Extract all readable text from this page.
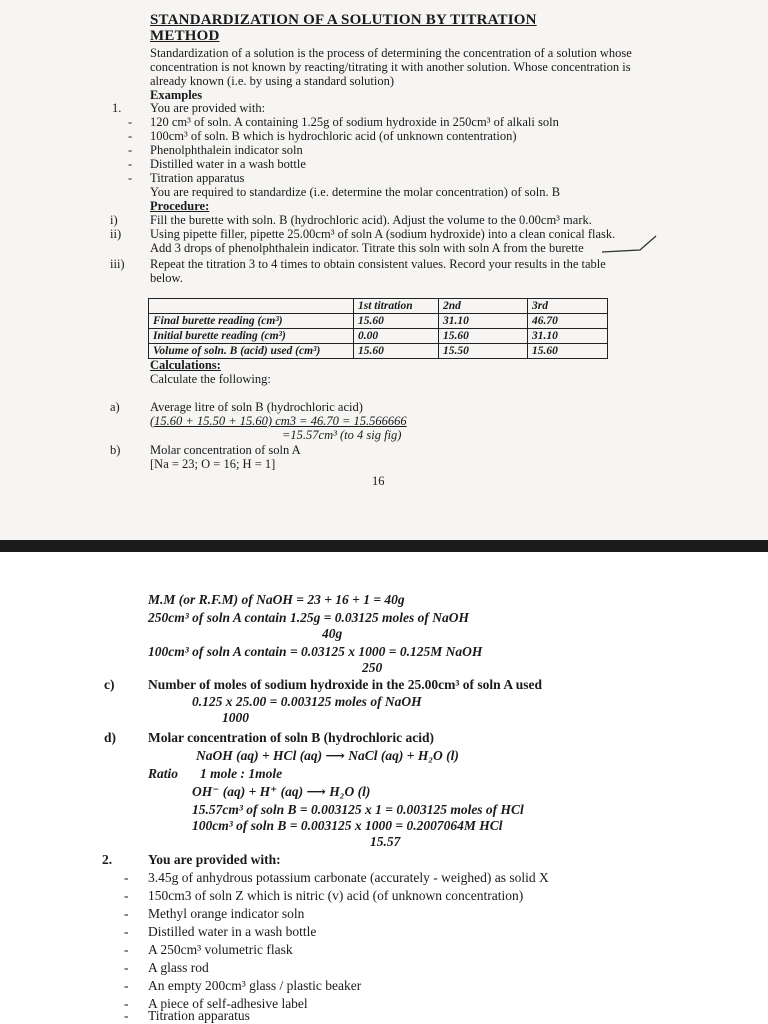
STANDARDIZATION OF A SOLUTION BY TITRATION
METHOD
Standardization of a solution is the process of determining the concentration of a solution whose
concentration is not known by reacting/titrating it with another solution. Whose concentration is
already known (i.e. by using a standard solution)
Examples
1. You are provided with:
- 120 cm³ of soln. A containing 1.25g of sodium hydroxide in 250cm³ of alkali soln
- 100cm³ of soln. B which is hydrochloric acid (of unknown contentration)
- Phenolphthalein indicator soln
- Distilled water in a wash bottle
- Titration apparatus
You are required to standardize (i.e. determine the molar concentration) of soln. B
Procedure:
i)	Fill the burette with soln. B (hydrochloric acid). Adjust the volume to the 0.00cm³ mark.
ii) Using pipette filler, pipette 25.00cm³ of soln A (sodium hydroxide) into a clean conical flask.
Add 3 drops of phenolphthalein indicator. Titrate this soln with soln A from the burette
iii) Repeat the titration 3 to 4 times to obtain consistent values. Record your results in the table
below.
	1st titration	2nd	3rd
Final burette reading (cm³)	15.60	31.10	46.70
Initial burette reading (cm³)	0.00	15.60	31.10
Volume of soln. B (acid) used (cm³)	15.60	15.50	15.60
Calculations:
Calculate the following:
a) Average litre of soln B (hydrochloric acid)
(15.60 + 15.50 + 15.60) cm3 = 46.70 = 15.566666
=15.57cm³ (to 4 sig fig)
b) Molar concentration of soln A
[Na = 23; O = 16; H = 1]
16
M.M (or R.F.M) of NaOH = 23 + 16 + 1 = 40g
250cm³ of soln A contain 1.25g = 0.03125 moles of NaOH
40g
100cm³ of soln A contain = 0.03125 x 1000 = 0.125M NaOH
250
c) Number of moles of sodium hydroxide in the 25.00cm³ of soln A used
0.125 x 25.00 = 0.003125 moles of NaOH
1000
d) Molar concentration of soln B (hydrochloric acid)
NaOH (aq) + HCl (aq) ⟶ NaCl (aq) + H₂O (l)
Ratio 1 mole : 1mole
OH⁻ (aq) + H⁺ (aq) ⟶ H₂O (l)
15.57cm³ of soln B = 0.003125 x 1 = 0.003125 moles of HCl
100cm³ of soln B = 0.003125 x 1000 = 0.2007064M HCl
15.57
2.	You are provided with:
- 3.45g of anhydrous potassium carbonate (accurately - weighed) as solid X
- 150cm3 of soln Z which is nitric (v) acid (of unknown concentration)
- Methyl orange indicator soln
- Distilled water in a wash bottle
- A 250cm³ volumetric flask
- A glass rod
- An empty 200cm³ glass / plastic beaker
- A piece of self-adhesive label
- Titration apparatus
